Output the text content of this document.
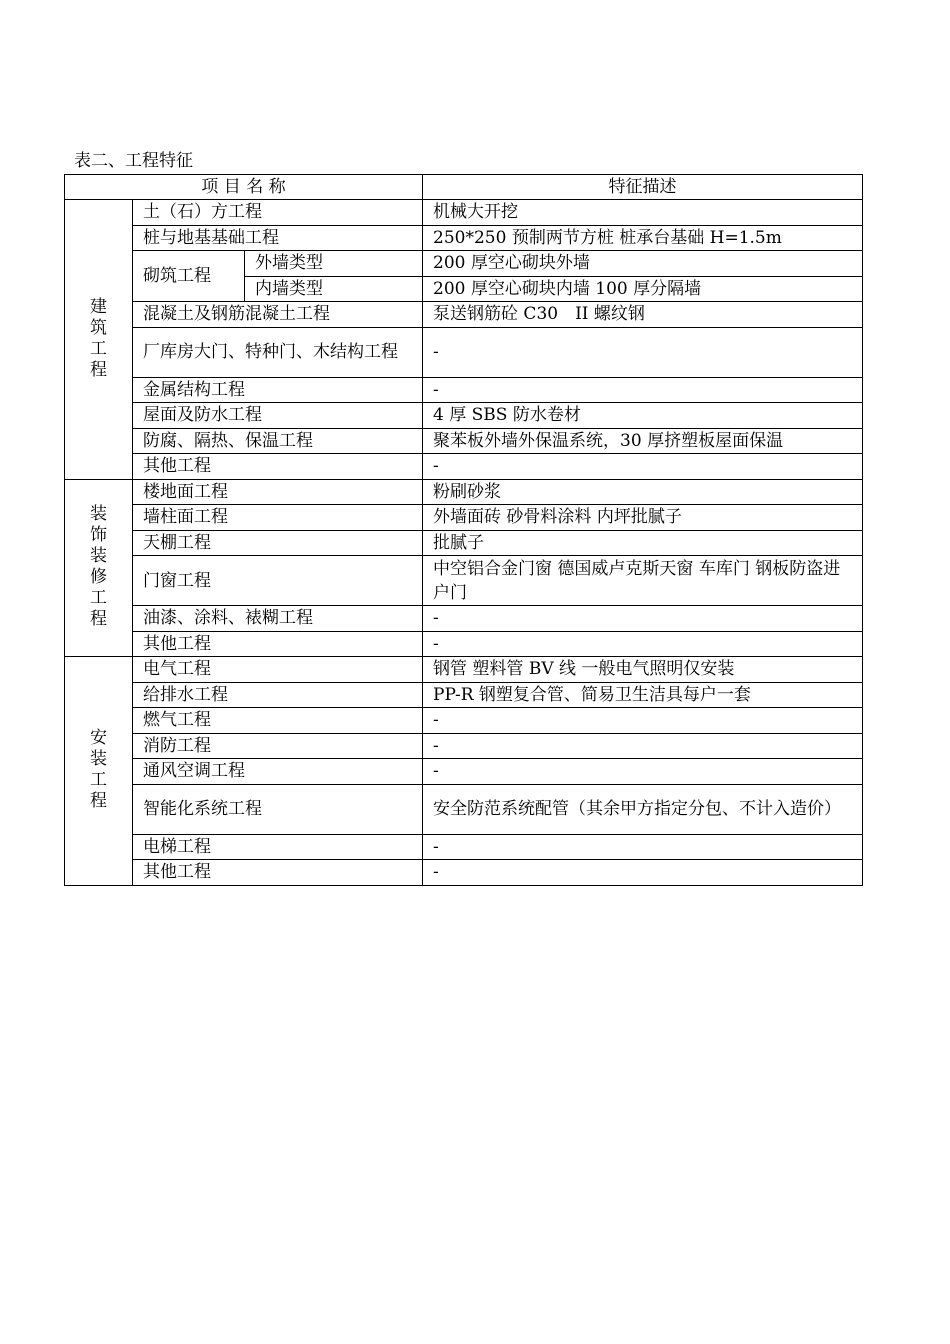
表二、工程特征
项 目 名 称			特征描述
建筑工程	土（石）方工程		机械大开挖
	桩与地基基础工程		250*250 预制两节方桩 桩承台基础 H=1.5m
	砌筑工程	外墙类型	200 厚空心砌块外墙
		内墙类型	200 厚空心砌块内墙 100 厚分隔墙
	混凝土及钢筋混凝土工程		泵送钢筋砼 C30　II 螺纹钢
	厂库房大门、特种门、木结构工程		-
	金属结构工程		-
	屋面及防水工程		4 厚 SBS 防水卷材
	防腐、隔热、保温工程		聚苯板外墙外保温系统，30 厚挤塑板屋面保温
	其他工程		-
装饰装修工程	楼地面工程		粉刷砂浆
	墙柱面工程		外墙面砖 砂骨料涂料 内坪批腻子
	天棚工程		批腻子
	门窗工程		中空铝合金门窗 德国威卢克斯天窗 车库门 钢板防盗进户门
	油漆、涂料、裱糊工程		-
	其他工程		-
安装工程	电气工程		钢管 塑料管 BV 线 一般电气照明仅安装
	给排水工程		PP-R 钢塑复合管、简易卫生洁具每户一套
	燃气工程		-
	消防工程		-
	通风空调工程		-
	智能化系统工程		安全防范系统配管（其余甲方指定分包、不计入造价）
	电梯工程		-
	其他工程		-
